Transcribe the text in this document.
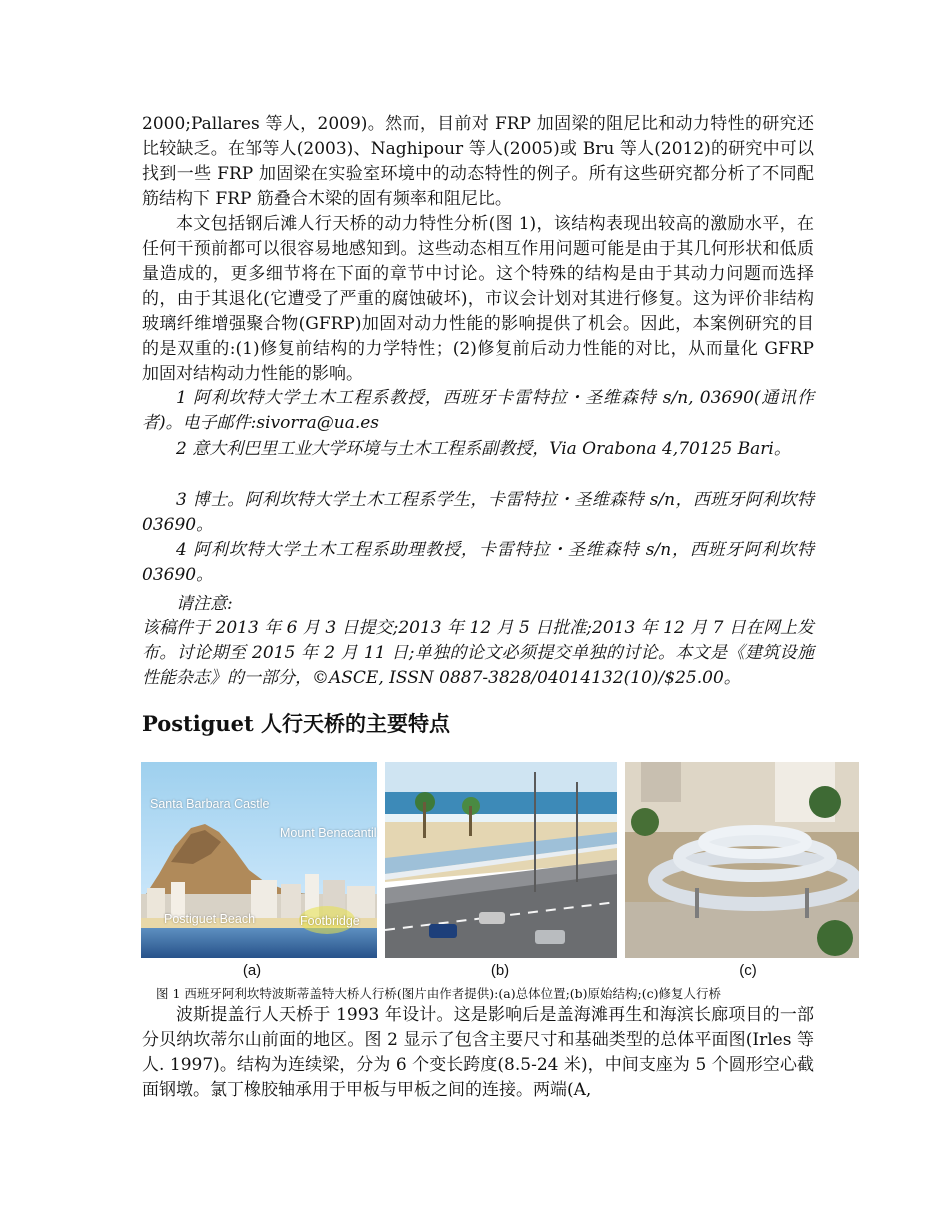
2000;Pallares 等人，2009)。然而，目前对 FRP 加固梁的阻尼比和动力特性的研究还比较缺乏。在邹等人(2003)、Naghipour 等人(2005)或 Bru 等人(2012)的研究中可以找到一些 FRP 加固梁在实验室环境中的动态特性的例子。所有这些研究都分析了不同配筋结构下 FRP 筋叠合木梁的固有频率和阻尼比。

本文包括钢后滩人行天桥的动力特性分析(图 1)，该结构表现出较高的激励水平，在任何干预前都可以很容易地感知到。这些动态相互作用问题可能是由于其几何形状和低质量造成的，更多细节将在下面的章节中讨论。这个特殊的结构是由于其动力问题而选择的，由于其退化(它遭受了严重的腐蚀破坏)，市议会计划对其进行修复。这为评价非结构玻璃纤维增强聚合物(GFRP)加固对动力性能的影响提供了机会。因此，本案例研究的目的是双重的:(1)修复前结构的力学特性；(2)修复前后动力性能的对比，从而量化 GFRP 加固对结构动力性能的影响。

1 阿利坎特大学土木工程系教授，西班牙卡雷特拉・圣维森特 s/n, 03690(通讯作者)。电子邮件:sivorra@ua.es

2 意大利巴里工业大学环境与土木工程系副教授，Via Orabona 4,70125 Bari。

3 博士。阿利坎特大学土木工程系学生，卡雷特拉・圣维森特 s/n，西班牙阿利坎特 03690。

4 阿利坎特大学土木工程系助理教授，卡雷特拉・圣维森特 s/n，西班牙阿利坎特 03690。

请注意:

该稿件于 2013 年 6 月 3 日提交;2013 年 12 月 5 日批准;2013 年 12 月 7 日在网上发布。讨论期至 2015 年 2 月 11 日;单独的论文必须提交单独的讨论。本文是《建筑设施性能杂志》的一部分，©ASCE, ISSN 0887-3828/04014132(10)/$25.00。

Postiguet 人行天桥的主要特点
Santa Barbara Castle
Mount Benacantil
Postiguet Beach	Footbridge
(a)	(b)	(c)
图 1 西班牙阿利坎特波斯蒂盖特大桥人行桥(图片由作者提供):(a)总体位置;(b)原始结构;(c)修复人行桥

波斯提盖行人天桥于 1993 年设计。这是影响后是盖海滩再生和海滨长廊项目的一部分贝纳坎蒂尔山前面的地区。图 2 显示了包含主要尺寸和基础类型的总体平面图(Irles 等人. 1997)。结构为连续梁，分为 6 个变长跨度(8.5-24 米)，中间支座为 5 个圆形空心截面钢墩。氯丁橡胶轴承用于甲板与甲板之间的连接。两端(A,
